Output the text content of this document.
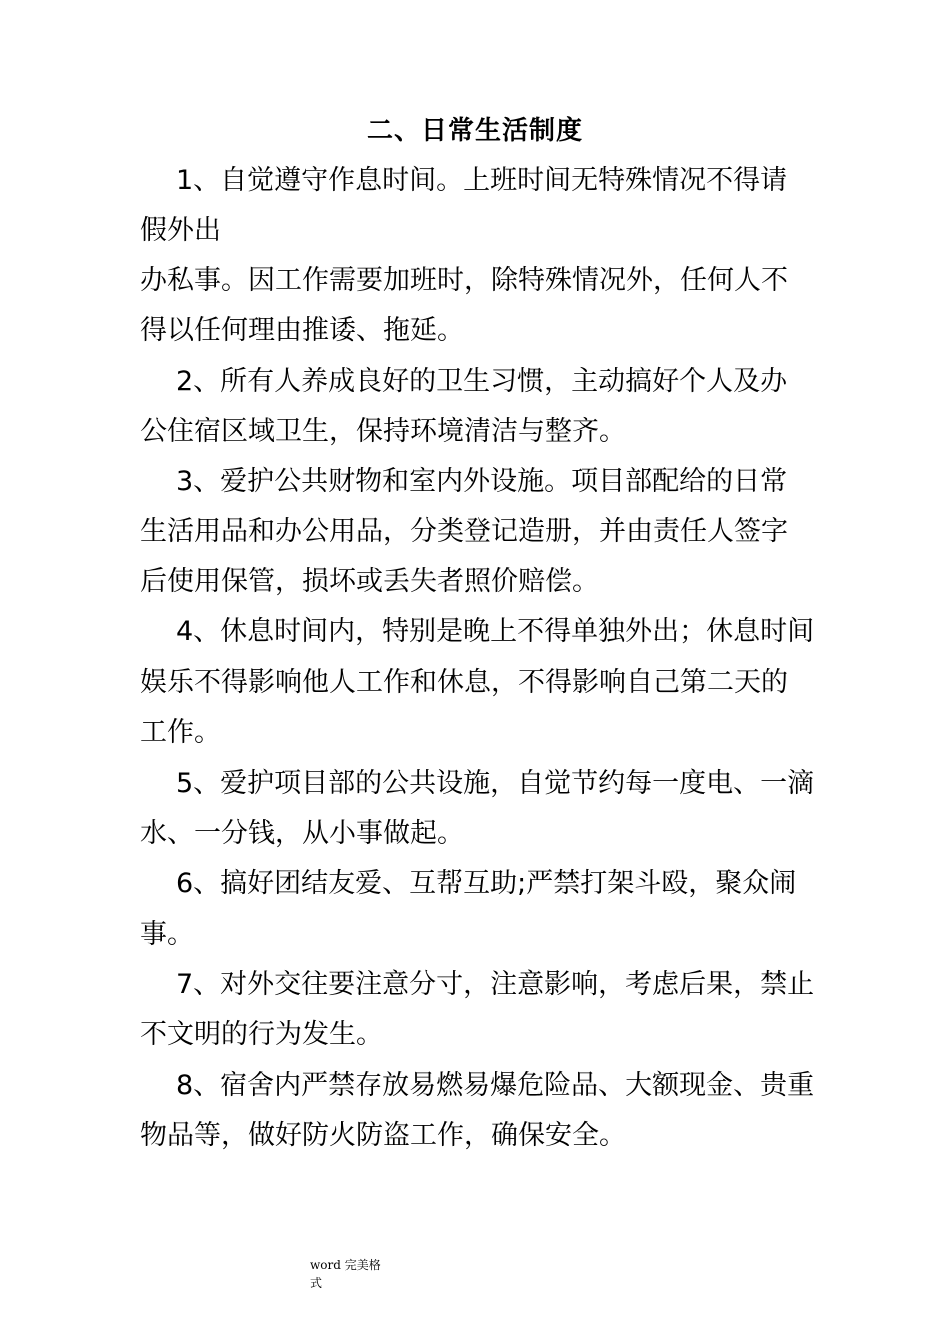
二、日常生活制度
1、自觉遵守作息时间。上班时间无特殊情况不得请
假外出
办私事。因工作需要加班时，除特殊情况外，任何人不
得以任何理由推诿、拖延。
2、所有人养成良好的卫生习惯，主动搞好个人及办
公住宿区域卫生，保持环境清洁与整齐。
3、爱护公共财物和室内外设施。项目部配给的日常
生活用品和办公用品，分类登记造册，并由责任人签字
后使用保管，损坏或丢失者照价赔偿。
4、休息时间内，特别是晚上不得单独外出；休息时间
娱乐不得影响他人工作和休息，不得影响自己第二天的
工作。
5、爱护项目部的公共设施，自觉节约每一度电、一滴
水、一分钱，从小事做起。
6、搞好团结友爱、互帮互助;严禁打架斗殴，聚众闹
事。
7、对外交往要注意分寸，注意影响，考虑后果，禁止
不文明的行为发生。
8、宿舍内严禁存放易燃易爆危险品、大额现金、贵重
物品等，做好防火防盗工作，确保安全。
word 完美格
式
